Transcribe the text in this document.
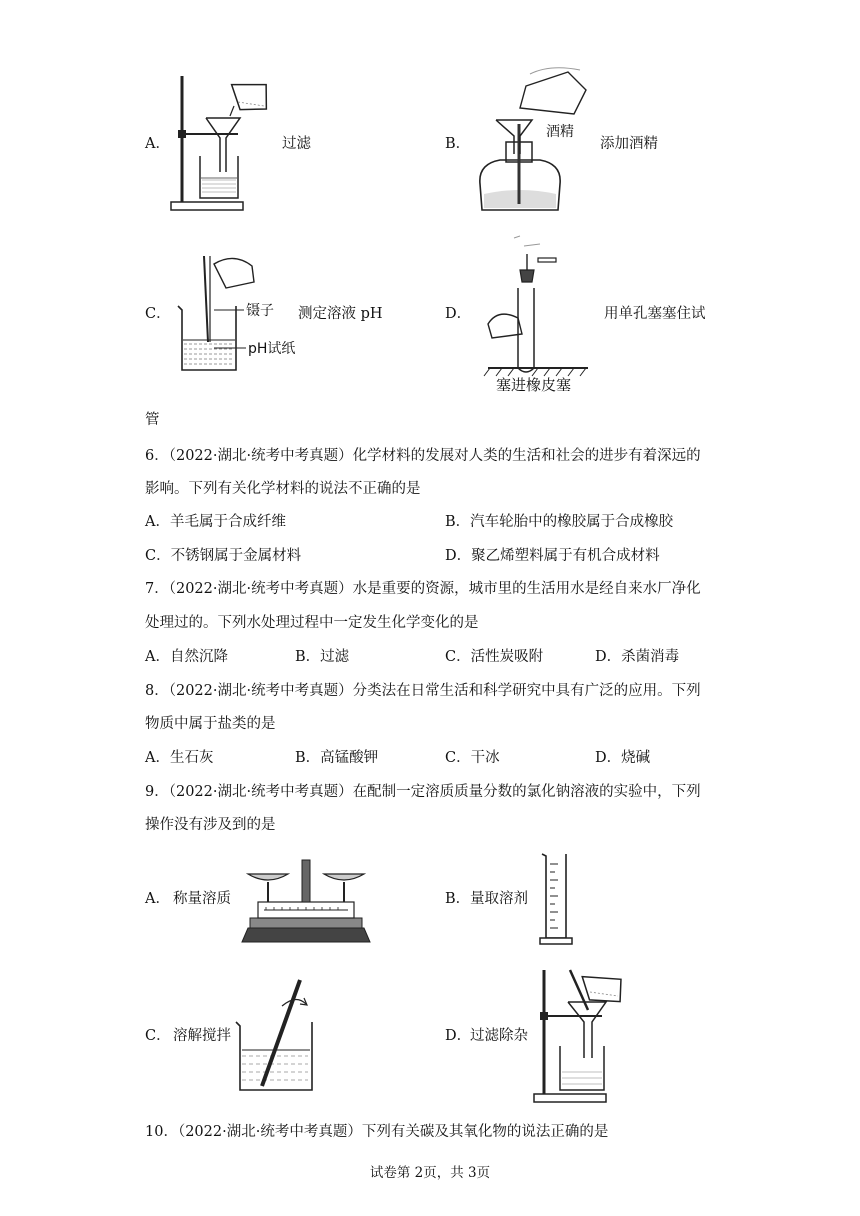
A．	过滤	B．
酒精
添加酒精
C．	镊子
pH试纸
测定溶液 pH	D．
塞进橡皮塞
用单孔塞塞住试
管
6．（2022·湖北·统考中考真题）化学材料的发展对人类的生活和社会的进步有着深远的
影响。下列有关化学材料的说法不正确的是
A．羊毛属于合成纤维	B．汽车轮胎中的橡胶属于合成橡胶
C．不锈钢属于金属材料	D．聚乙烯塑料属于有机合成材料
7．（2022·湖北·统考中考真题）水是重要的资源，城市里的生活用水是经自来水厂净化
处理过的。下列水处理过程中一定发生化学变化的是
A．自然沉降	B．过滤	C．活性炭吸附	D．杀菌消毒
8．（2022·湖北·统考中考真题）分类法在日常生活和科学研究中具有广泛的应用。下列
物质中属于盐类的是
A．生石灰	B．高锰酸钾	C．干冰	D．烧碱
9．（2022·湖北·统考中考真题）在配制一定溶质质量分数的氯化钠溶液的实验中，下列
操作没有涉及到的是
A． 称量溶质	B． 量取溶剂
C． 溶解搅拌	D．
过滤除杂
10．（2022·湖北·统考中考真题）下列有关碳及其氧化物的说法正确的是
试卷第 2页，共 3页
